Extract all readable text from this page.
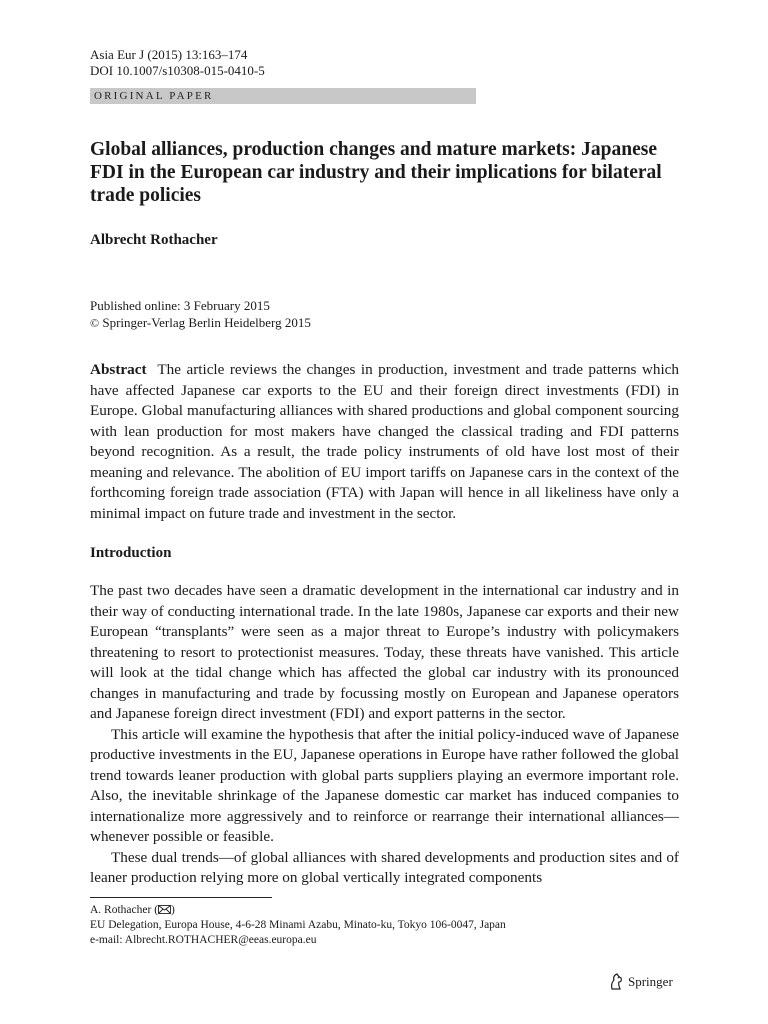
Asia Eur J (2015) 13:163–174
DOI 10.1007/s10308-015-0410-5
ORIGINAL PAPER
Global alliances, production changes and mature markets: Japanese FDI in the European car industry and their implications for bilateral trade policies
Albrecht Rothacher
Published online: 3 February 2015
© Springer-Verlag Berlin Heidelberg 2015

Abstract The article reviews the changes in production, investment and trade patterns which have affected Japanese car exports to the EU and their foreign direct investments (FDI) in Europe. Global manufacturing alliances with shared productions and global component sourcing with lean production for most makers have changed the classical trading and FDI patterns beyond recognition. As a result, the trade policy instruments of old have lost most of their meaning and relevance. The abolition of EU import tariffs on Japanese cars in the context of the forthcoming foreign trade association (FTA) with Japan will hence in all likeliness have only a minimal impact on future trade and investment in the sector.

Introduction

The past two decades have seen a dramatic development in the international car industry and in their way of conducting international trade. In the late 1980s, Japanese car exports and their new European “transplants” were seen as a major threat to Europe’s industry with policymakers threatening to resort to protectionist measures. Today, these threats have vanished. This article will look at the tidal change which has affected the global car industry with its pronounced changes in manufacturing and trade by focussing mostly on European and Japanese operators and Japanese foreign direct investment (FDI) and export patterns in the sector.

This article will examine the hypothesis that after the initial policy-induced wave of Japanese productive investments in the EU, Japanese operations in Europe have rather followed the global trend towards leaner production with global parts suppliers playing an evermore important role. Also, the inevitable shrinkage of the Japanese domestic car market has induced companies to internationalize more aggressively and to reinforce or rearrange their international alliances—whenever possible or feasible.

These dual trends—of global alliances with shared developments and production sites and of leaner production relying more on global vertically integrated components

A. Rothacher ( )
EU Delegation, Europa House, 4-6-28 Minami Azabu, Minato-ku, Tokyo 106-0047, Japan
e-mail: Albrecht.ROTHACHER@eeas.europa.eu
Springer
